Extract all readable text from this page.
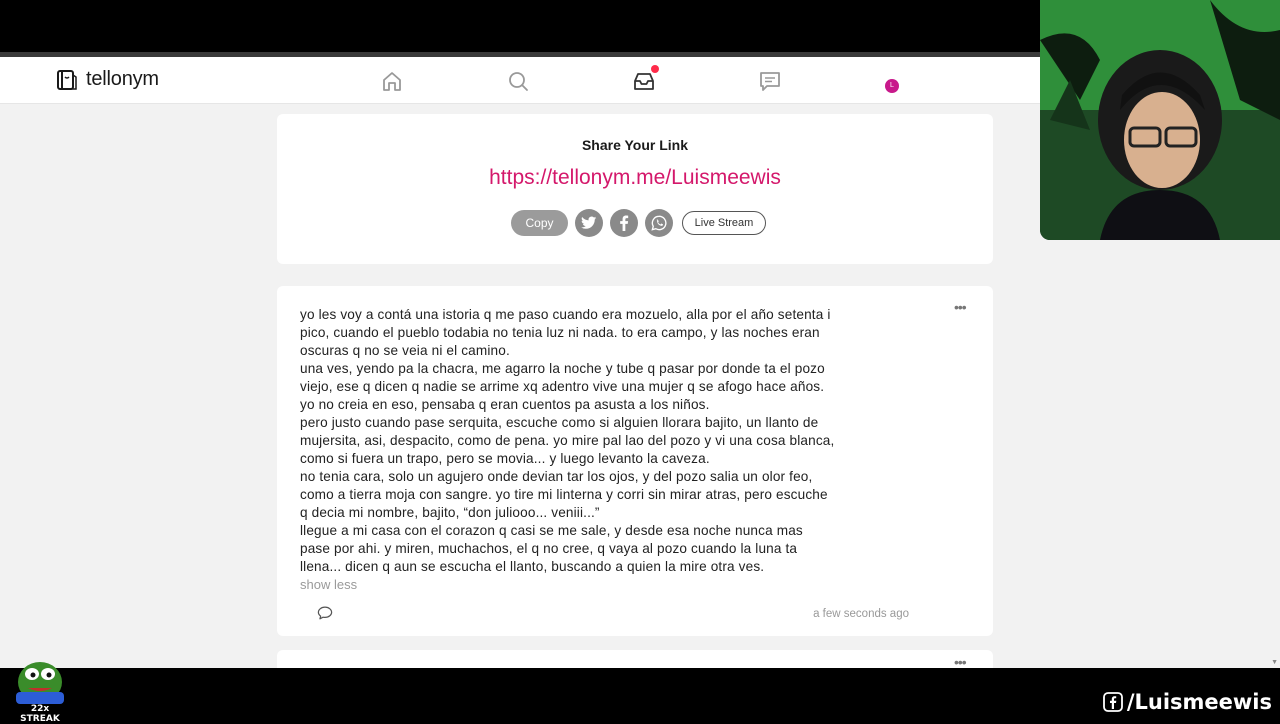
tellonym	L
Share Your Link
https://tellonym.me/Luismeewis
Copy	Live Stream
•••

yo les voy a contá una istoria q me paso cuando era mozuelo, alla por el año setenta i

pico, cuando el pueblo todabia no tenia luz ni nada. to era campo, y las noches eran

oscuras q no se veia ni el camino.

una ves, yendo pa la chacra, me agarro la noche y tube q pasar por donde ta el pozo

viejo, ese q dicen q nadie se arrime xq adentro vive una mujer q se afogo hace años.

yo no creia en eso, pensaba q eran cuentos pa asusta a los niños.

pero justo cuando pase serquita, escuche como si alguien llorara bajito, un llanto de

mujersita, asi, despacito, como de pena. yo mire pal lao del pozo y vi una cosa blanca,

como si fuera un trapo, pero se movia... y luego levanto la caveza.

no tenia cara, solo un agujero onde devian tar los ojos, y del pozo salia un olor feo,

como a tierra moja con sangre. yo tire mi linterna y corri sin mirar atras, pero escuche

q decia mi nombre, bajito, “don juliooo... veniii...”

llegue a mi casa con el corazon q casi se me sale, y desde esa noche nunca mas

pase por ahi. y miren, muchachos, el q no cree, q vaya al pozo cuando la luna ta

llena... dicen q aun se escucha el llanto, buscando a quien la mire otra ves.

show less
a few seconds ago
•••	▼
22x STREAK
/Luismeewis
